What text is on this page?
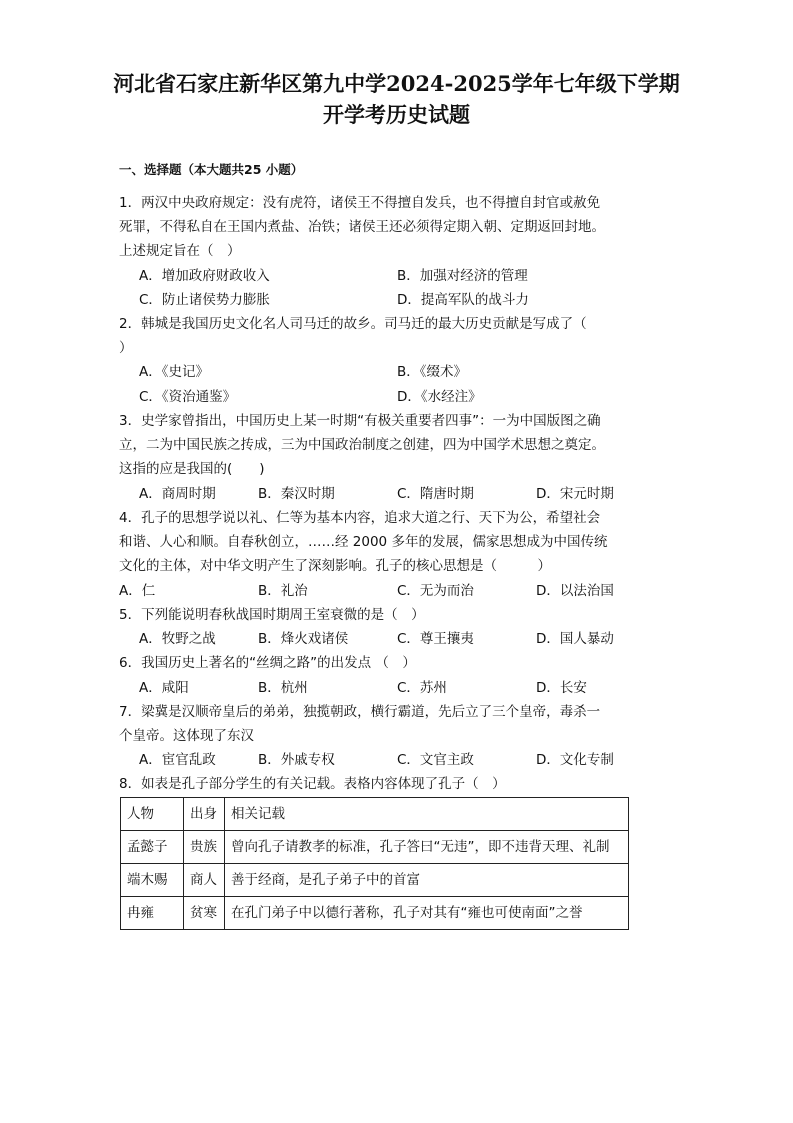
河北省石家庄新华区第九中学2024-2025学年七年级下学期
开学考历史试题
一、选择题（本大题共25 小题）
1．两汉中央政府规定：没有虎符，诸侯王不得擅自发兵，也不得擅自封官或赦免
死罪，不得私自在王国内煮盐、冶铁；诸侯王还必须得定期入朝、定期返回封地。
上述规定旨在（　）
A．增加政府财政收入	B．加强对经济的管理
C．防止诸侯势力膨胀	D．提高军队的战斗力
2．韩城是我国历史文化名人司马迁的故乡。司马迁的最大历史贡献是写成了（
）
A．《史记》	B．《缀术》
C．《资治通鉴》	D．《水经注》
3．史学家曾指出，中国历史上某一时期“有极关重要者四事”：一为中国版图之确
立，二为中国民族之抟成，三为中国政治制度之创建，四为中国学术思想之奠定。
这指的应是我国的(　　)
A．商周时期	B．秦汉时期	C．隋唐时期	D．宋元时期
4．孔子的思想学说以礼、仁等为基本内容，追求大道之行、天下为公，希望社会
和谐、人心和顺。自春秋创立，……经 2000 多年的发展，儒家思想成为中国传统
文化的主体，对中华文明产生了深刻影响。孔子的核心思想是（　　　）
A．仁	B．礼治	C．无为而治	D．以法治国
5．下列能说明春秋战国时期周王室衰微的是（　）
A．牧野之战	B．烽火戏诸侯	C．尊王攘夷	D．国人暴动
6．我国历史上著名的“丝绸之路”的出发点 （　）
A．咸阳	B．杭州	C．苏州	D．长安
7．梁冀是汉顺帝皇后的弟弟，独揽朝政，横行霸道，先后立了三个皇帝，毒杀一
个皇帝。这体现了东汉
A．宦官乱政	B．外戚专权	C．文官主政	D．文化专制
8．如表是孔子部分学生的有关记载。表格内容体现了孔子（　）
人物	出身	相关记载
孟懿子	贵族	曾向孔子请教孝的标准，孔子答曰“无违”，即不违背天理、礼制
端木赐	商人	善于经商，是孔子弟子中的首富
冉雍	贫寒	在孔门弟子中以德行著称，孔子对其有“雍也可使南面”之誉
